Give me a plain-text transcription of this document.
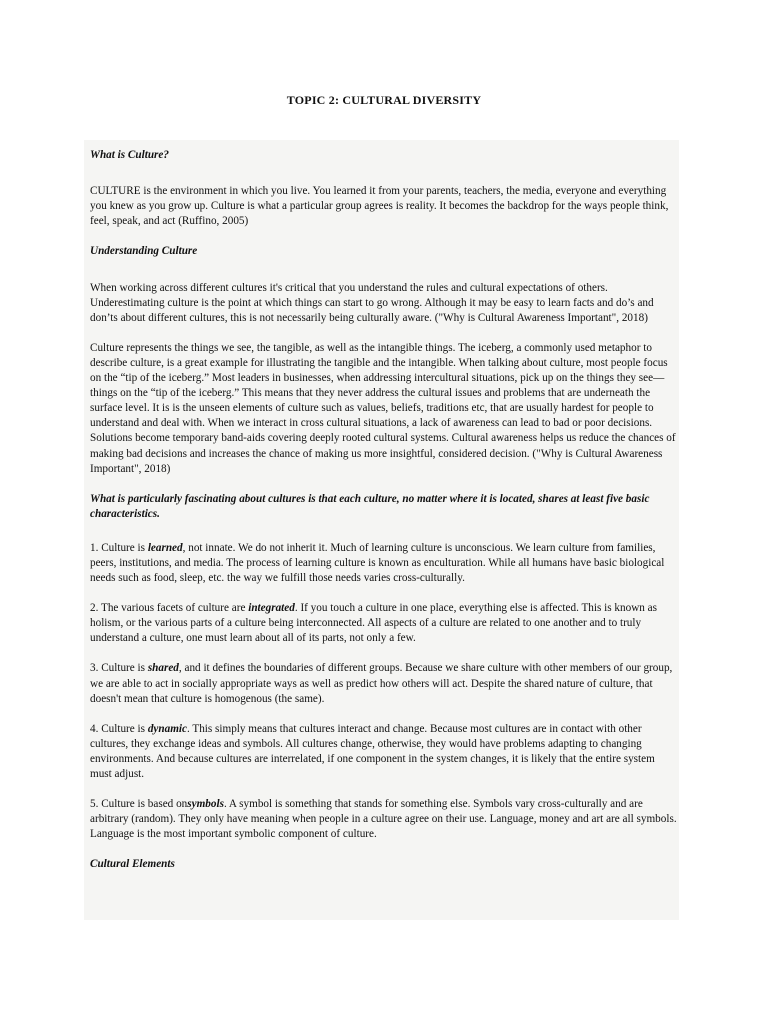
TOPIC 2: CULTURAL DIVERSITY
What is Culture?

CULTURE is the environment in which you live. You learned it from your parents, teachers, the media, everyone and everything you knew as you grow up. Culture is what a particular group agrees is reality. It becomes the backdrop for the ways people think, feel, speak, and act (Ruffino, 2005)

Understanding Culture

When working across different cultures it's critical that you understand the rules and cultural expectations of others. Underestimating culture is the point at which things can start to go wrong. Although it may be easy to learn facts and do’s and don’ts about different cultures, this is not necessarily being culturally aware. ("Why is Cultural Awareness Important", 2018)

Culture represents the things we see, the tangible, as well as the intangible things. The iceberg, a commonly used metaphor to describe culture, is a great example for illustrating the tangible and the intangible. When talking about culture, most people focus on the “tip of the iceberg.” Most leaders in businesses, when addressing intercultural situations, pick up on the things they see—things on the “tip of the iceberg.” This means that they never address the cultural issues and problems that are underneath the surface level. It is is the unseen elements of culture such as values, beliefs, traditions etc, that are usually hardest for people to understand and deal with. When we interact in cross cultural situations, a lack of awareness can lead to bad or poor decisions. Solutions become temporary band-aids covering deeply rooted cultural systems. Cultural awareness helps us reduce the chances of making bad decisions and increases the chance of making us more insightful, considered decision. ("Why is Cultural Awareness Important", 2018)

What is particularly fascinating about cultures is that each culture, no matter where it is located, shares at least five basic characteristics.

1. Culture is learned, not innate. We do not inherit it. Much of learning culture is unconscious. We learn culture from families, peers, institutions, and media. The process of learning culture is known as enculturation. While all humans have basic biological needs such as food, sleep, etc. the way we fulfill those needs varies cross-culturally.

2. The various facets of culture are integrated. If you touch a culture in one place, everything else is affected. This is known as holism, or the various parts of a culture being interconnected. All aspects of a culture are related to one another and to truly understand a culture, one must learn about all of its parts, not only a few.

3. Culture is shared, and it defines the boundaries of different groups. Because we share culture with other members of our group, we are able to act in socially appropriate ways as well as predict how others will act. Despite the shared nature of culture, that doesn't mean that culture is homogenous (the same).

4. Culture is dynamic. This simply means that cultures interact and change. Because most cultures are in contact with other cultures, they exchange ideas and symbols. All cultures change, otherwise, they would have problems adapting to changing environments. And because cultures are interrelated, if one component in the system changes, it is likely that the entire system must adjust.

5. Culture is based onsymbols. A symbol is something that stands for something else. Symbols vary cross-culturally and are arbitrary (random). They only have meaning when people in a culture agree on their use. Language, money and art are all symbols. Language is the most important symbolic component of culture.

Cultural Elements
